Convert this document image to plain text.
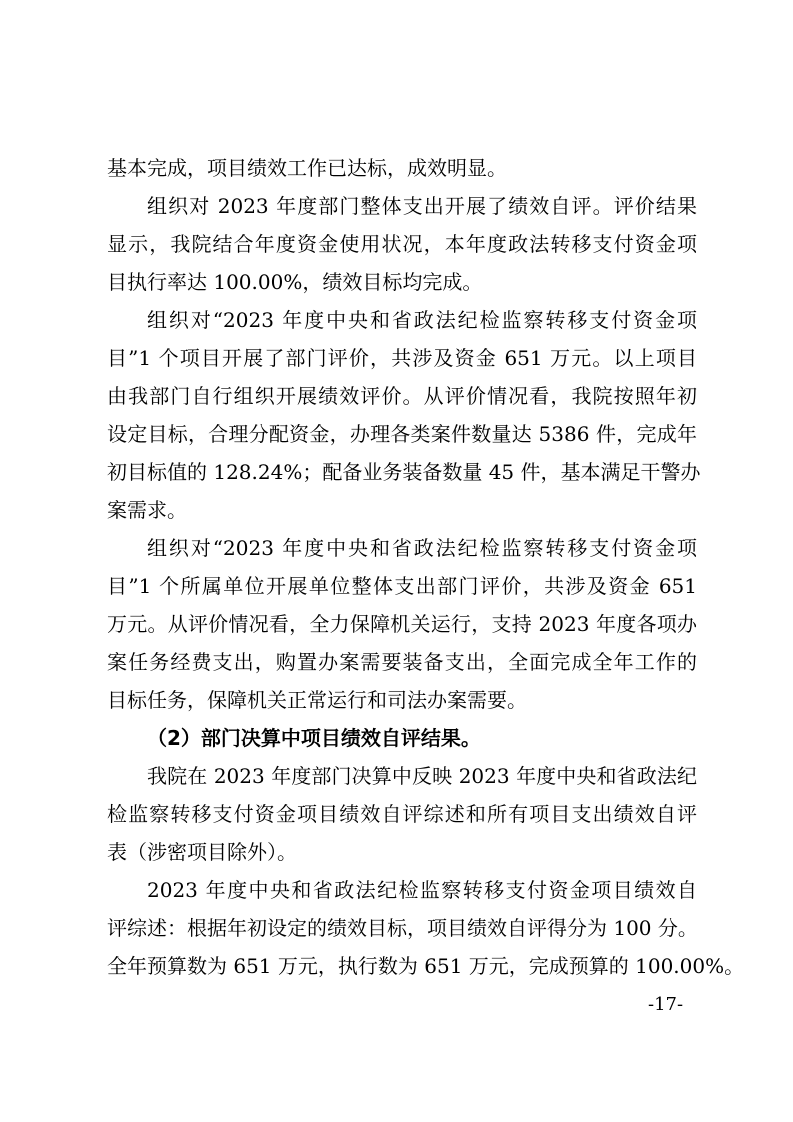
基本完成，项目绩效工作已达标，成效明显。
组织对 2023 年度部门整体支出开展了绩效自评。评价结果
显示，我院结合年度资金使用状况，本年度政法转移支付资金项
目执行率达 100.00%，绩效目标均完成。
组织对“2023 年度中央和省政法纪检监察转移支付资金项
目”1 个项目开展了部门评价，共涉及资金 651 万元。以上项目
由我部门自行组织开展绩效评价。从评价情况看，我院按照年初
设定目标，合理分配资金，办理各类案件数量达 5386 件，完成年
初目标值的 128.24%；配备业务装备数量 45 件，基本满足干警办
案需求。
组织对“2023 年度中央和省政法纪检监察转移支付资金项
目”1 个所属单位开展单位整体支出部门评价，共涉及资金 651
万元。从评价情况看，全力保障机关运行，支持 2023 年度各项办
案任务经费支出，购置办案需要装备支出，全面完成全年工作的
目标任务，保障机关正常运行和司法办案需要。
（2）部门决算中项目绩效自评结果。
我院在 2023 年度部门决算中反映 2023 年度中央和省政法纪
检监察转移支付资金项目绩效自评综述和所有项目支出绩效自评
表（涉密项目除外）。
2023 年度中央和省政法纪检监察转移支付资金项目绩效自
评综述：根据年初设定的绩效目标，项目绩效自评得分为 100 分。
全年预算数为 651 万元，执行数为 651 万元，完成预算的 100.00%。
-17-
